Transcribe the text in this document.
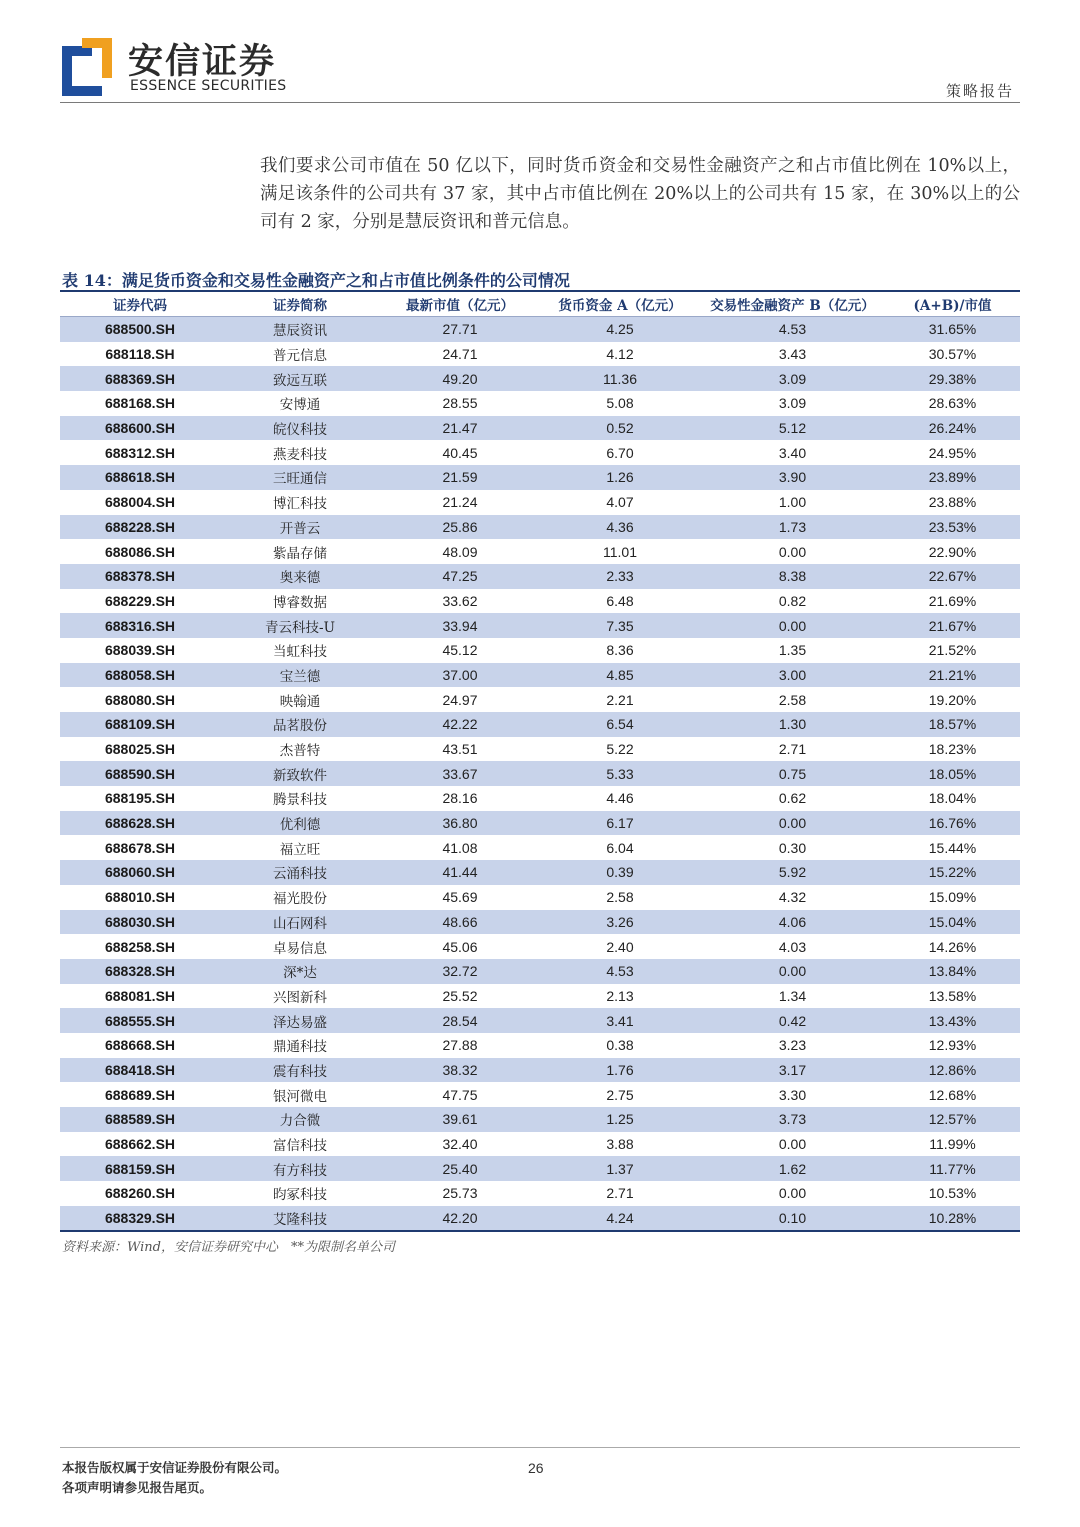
安信证券
ESSENCE SECURITIES	策略报告

我们要求公司市值在 50 亿以下，同时货币资金和交易性金融资产之和占市值比例在 10%以上，满足该条件的公司共有 37 家，其中占市值比例在 20%以上的公司共有 15 家，在 30%以上的公司有 2 家，分别是慧辰资讯和普元信息。

表 14：满足货币资金和交易性金融资产之和占市值比例条件的公司情况
证券代码	证券简称	最新市值（亿元）	货币资金 A（亿元）	交易性金融资产 B（亿元）	(A+B)/市值
688500.SH	慧辰资讯	27.71	4.25	4.53	31.65%
688118.SH	普元信息	24.71	4.12	3.43	30.57%
688369.SH	致远互联	49.20	11.36	3.09	29.38%
688168.SH	安博通	28.55	5.08	3.09	28.63%
688600.SH	皖仪科技	21.47	0.52	5.12	26.24%
688312.SH	燕麦科技	40.45	6.70	3.40	24.95%
688618.SH	三旺通信	21.59	1.26	3.90	23.89%
688004.SH	博汇科技	21.24	4.07	1.00	23.88%
688228.SH	开普云	25.86	4.36	1.73	23.53%
688086.SH	紫晶存储	48.09	11.01	0.00	22.90%
688378.SH	奥来德	47.25	2.33	8.38	22.67%
688229.SH	博睿数据	33.62	6.48	0.82	21.69%
688316.SH	青云科技-U	33.94	7.35	0.00	21.67%
688039.SH	当虹科技	45.12	8.36	1.35	21.52%
688058.SH	宝兰德	37.00	4.85	3.00	21.21%
688080.SH	映翰通	24.97	2.21	2.58	19.20%
688109.SH	品茗股份	42.22	6.54	1.30	18.57%
688025.SH	杰普特	43.51	5.22	2.71	18.23%
688590.SH	新致软件	33.67	5.33	0.75	18.05%
688195.SH	腾景科技	28.16	4.46	0.62	18.04%
688628.SH	优利德	36.80	6.17	0.00	16.76%
688678.SH	福立旺	41.08	6.04	0.30	15.44%
688060.SH	云涌科技	41.44	0.39	5.92	15.22%
688010.SH	福光股份	45.69	2.58	4.32	15.09%
688030.SH	山石网科	48.66	3.26	4.06	15.04%
688258.SH	卓易信息	45.06	2.40	4.03	14.26%
688328.SH	深*达	32.72	4.53	0.00	13.84%
688081.SH	兴图新科	25.52	2.13	1.34	13.58%
688555.SH	泽达易盛	28.54	3.41	0.42	13.43%
688668.SH	鼎通科技	27.88	0.38	3.23	12.93%
688418.SH	震有科技	38.32	1.76	3.17	12.86%
688689.SH	银河微电	47.75	2.75	3.30	12.68%
688589.SH	力合微	39.61	1.25	3.73	12.57%
688662.SH	富信科技	32.40	3.88	0.00	11.99%
688159.SH	有方科技	25.40	1.37	1.62	11.77%
688260.SH	昀冢科技	25.73	2.71	0.00	10.53%
688329.SH	艾隆科技	42.20	4.24	0.10	10.28%
资料来源：Wind，安信证券研究中心　**为限制名单公司
本报告版权属于安信证券股份有限公司。
各项声明请参见报告尾页。
26
